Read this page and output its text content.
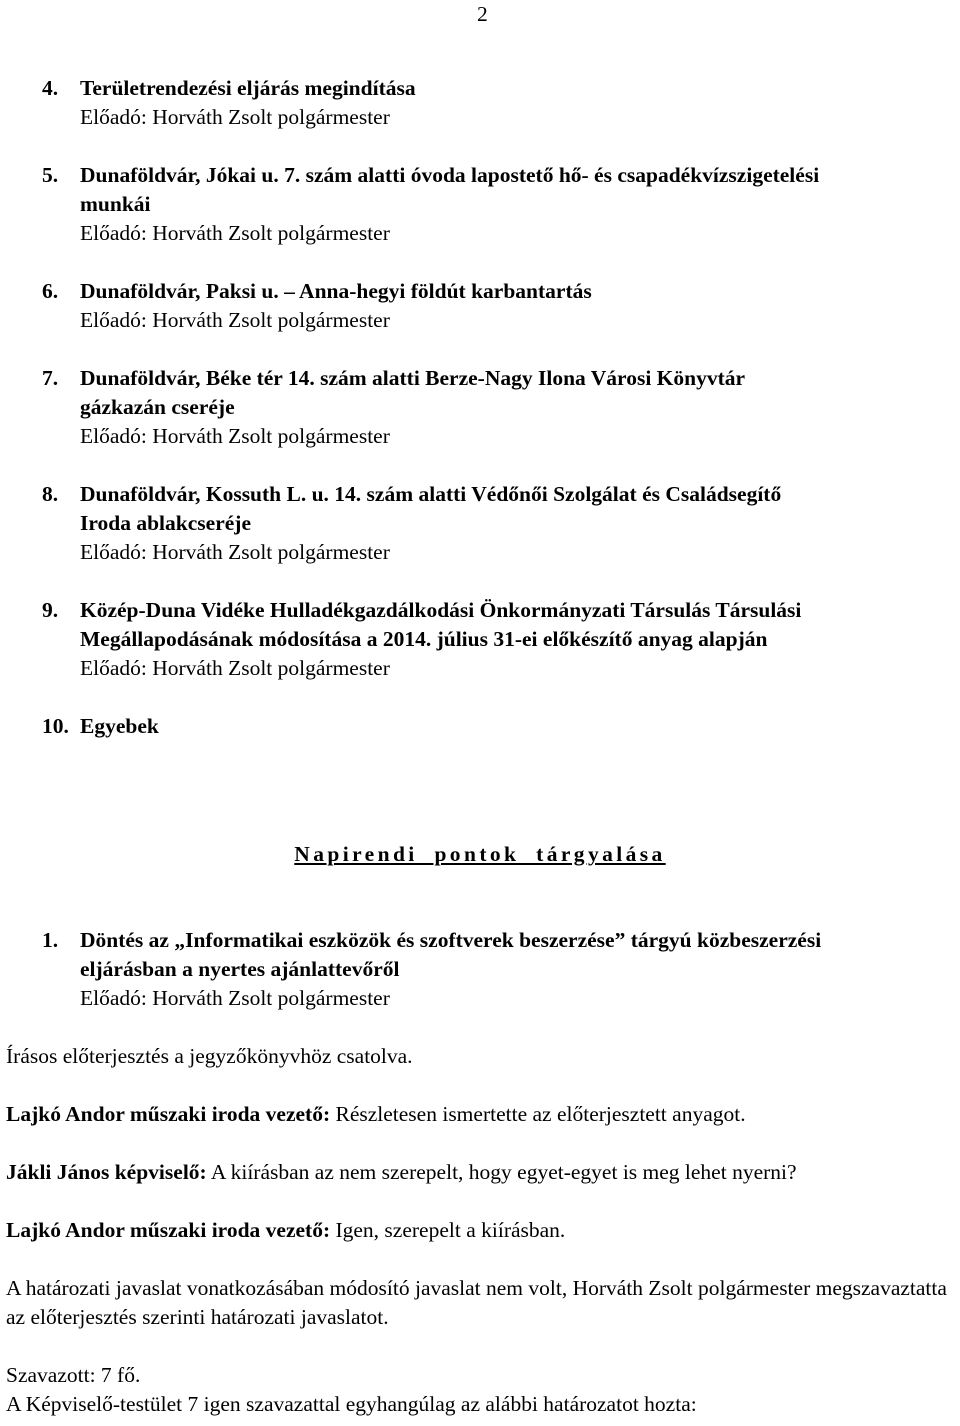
2
4.	Területrendezési eljárás megindítása
Előadó: Horváth Zsolt polgármester
5.	Dunaföldvár, Jókai u. 7. szám alatti óvoda lapostető hő- és csapadékvízszigetelési
munkái
Előadó: Horváth Zsolt polgármester
6.	Dunaföldvár, Paksi u. – Anna-hegyi földút karbantartás
Előadó: Horváth Zsolt polgármester
7.	Dunaföldvár, Béke tér 14. szám alatti Berze-Nagy Ilona Városi Könyvtár
gázkazán cseréje
Előadó: Horváth Zsolt polgármester
8.	Dunaföldvár, Kossuth L. u. 14. szám alatti Védőnői Szolgálat és Családsegítő
Iroda ablakcseréje
Előadó: Horváth Zsolt polgármester
9.	Közép-Duna Vidéke Hulladékgazdálkodási Önkormányzati Társulás Társulási
Megállapodásának módosítása a 2014. július 31-ei előkészítő anyag alapján
Előadó: Horváth Zsolt polgármester
10. Egyebek
Napirendi pontok tárgyalása
1.	Döntés az „Informatikai eszközök és szoftverek beszerzése” tárgyú közbeszerzési
eljárásban a nyertes ajánlattevőről
Előadó: Horváth Zsolt polgármester

Írásos előterjesztés a jegyzőkönyvhöz csatolva.

Lajkó Andor műszaki iroda vezető: Részletesen ismertette az előterjesztett anyagot.

Jákli János képviselő: A kiírásban az nem szerepelt, hogy egyet-egyet is meg lehet nyerni?

Lajkó Andor műszaki iroda vezető: Igen, szerepelt a kiírásban.

A határozati javaslat vonatkozásában módosító javaslat nem volt, Horváth Zsolt polgármester megszavaztatta az előterjesztés szerinti határozati javaslatot.

Szavazott: 7 fő.

A Képviselő-testület 7 igen szavazattal egyhangúlag az alábbi határozatot hozta:
